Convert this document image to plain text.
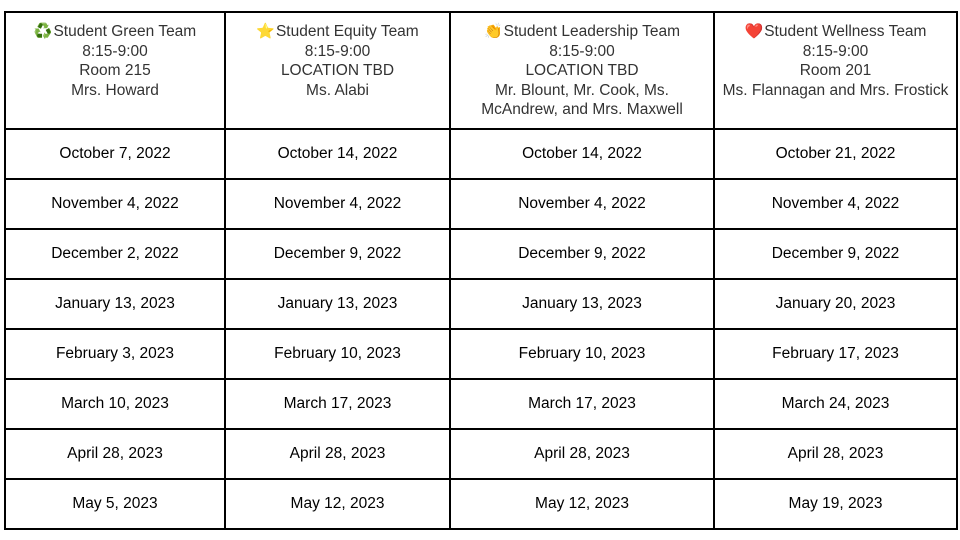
♻️Student Green Team
8:15-9:00
Room 215
Mrs. Howard	⭐Student Equity Team
8:15-9:00
LOCATION TBD
Ms. Alabi	👏Student Leadership Team
8:15-9:00
LOCATION TBD
Mr. Blount, Mr. Cook, Ms. McAndrew, and Mrs. Maxwell	❤️Student Wellness Team
8:15-9:00
Room 201
Ms. Flannagan and Mrs. Frostick

October 7, 2022	October 14, 2022	October 14, 2022	October 21, 2022
November 4, 2022	November 4, 2022	November 4, 2022	November 4, 2022
December 2, 2022	December 9, 2022	December 9, 2022	December 9, 2022
January 13, 2023	January 13, 2023	January 13, 2023	January 20, 2023
February 3, 2023	February 10, 2023	February 10, 2023	February 17, 2023
March 10, 2023	March 17, 2023	March 17, 2023	March 24, 2023
April 28, 2023	April 28, 2023	April 28, 2023	April 28, 2023
May 5, 2023	May 12, 2023	May 12, 2023	May 19, 2023
